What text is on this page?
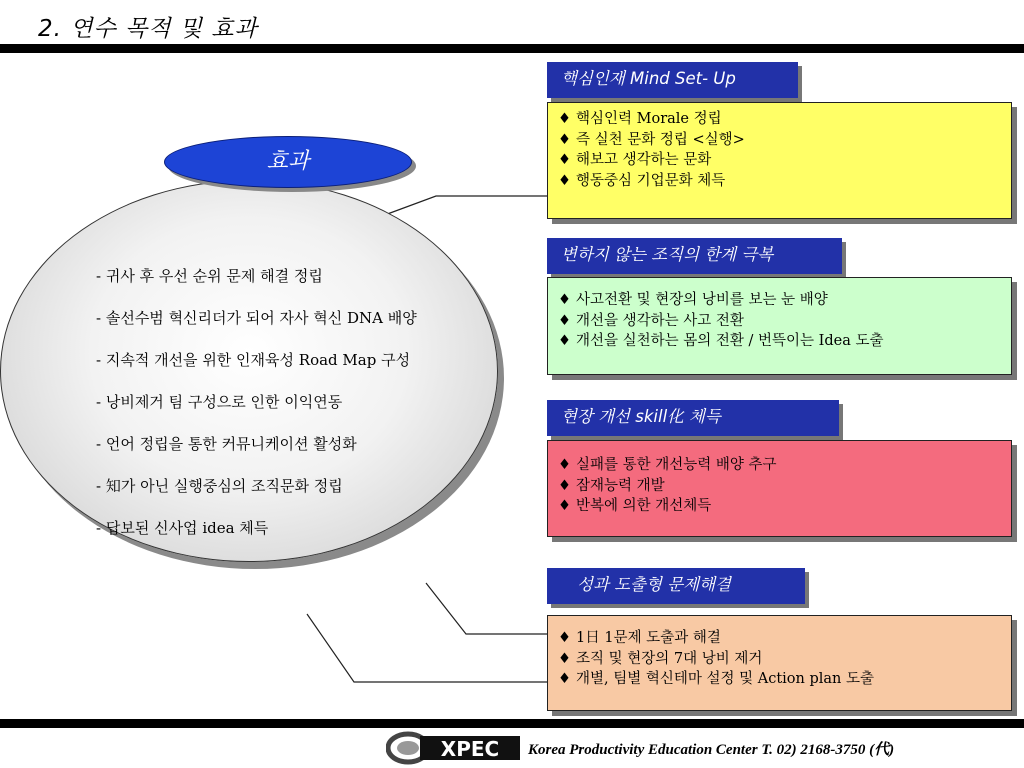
2. 연수 목적 및 효과
효과
- 귀사 후 우선 순위 문제 해결 정립
- 솔선수범 혁신리더가 되어 자사 혁신 DNA 배양
- 지속적 개선을 위한 인재육성 Road Map 구성
- 낭비제거 팀 구성으로 인한 이익연동
- 언어 정립을 통한 커뮤니케이션 활성화
- 知가 아닌 실행중심의 조직문화 정립
- 답보된 신사업 idea 체득
핵심인재 Mind Set- Up
♦ 핵심인력 Morale 정립
♦ 즉 실천 문화 정립 <실행>
♦ 해보고 생각하는 문화
♦ 행동중심 기업문화 체득
변하지 않는 조직의 한계 극복
♦ 사고전환 및 현장의 낭비를 보는 눈 배양
♦ 개선을 생각하는 사고 전환
♦ 개선을 실천하는 몸의 전환 / 번뜩이는 Idea 도출
현장 개선 skill化 체득
♦ 실패를 통한 개선능력 배양 추구
♦ 잠재능력 개발
♦ 반복에 의한 개선체득
성과 도출형 문제해결
♦ 1日 1문제 도출과 해결
♦ 조직 및 현장의 7대 낭비 제거
♦ 개별, 팀별 혁신테마 설정 및 Action plan 도출
XPEC Korea Productivity Education Center T. 02) 2168-3750 (代)
